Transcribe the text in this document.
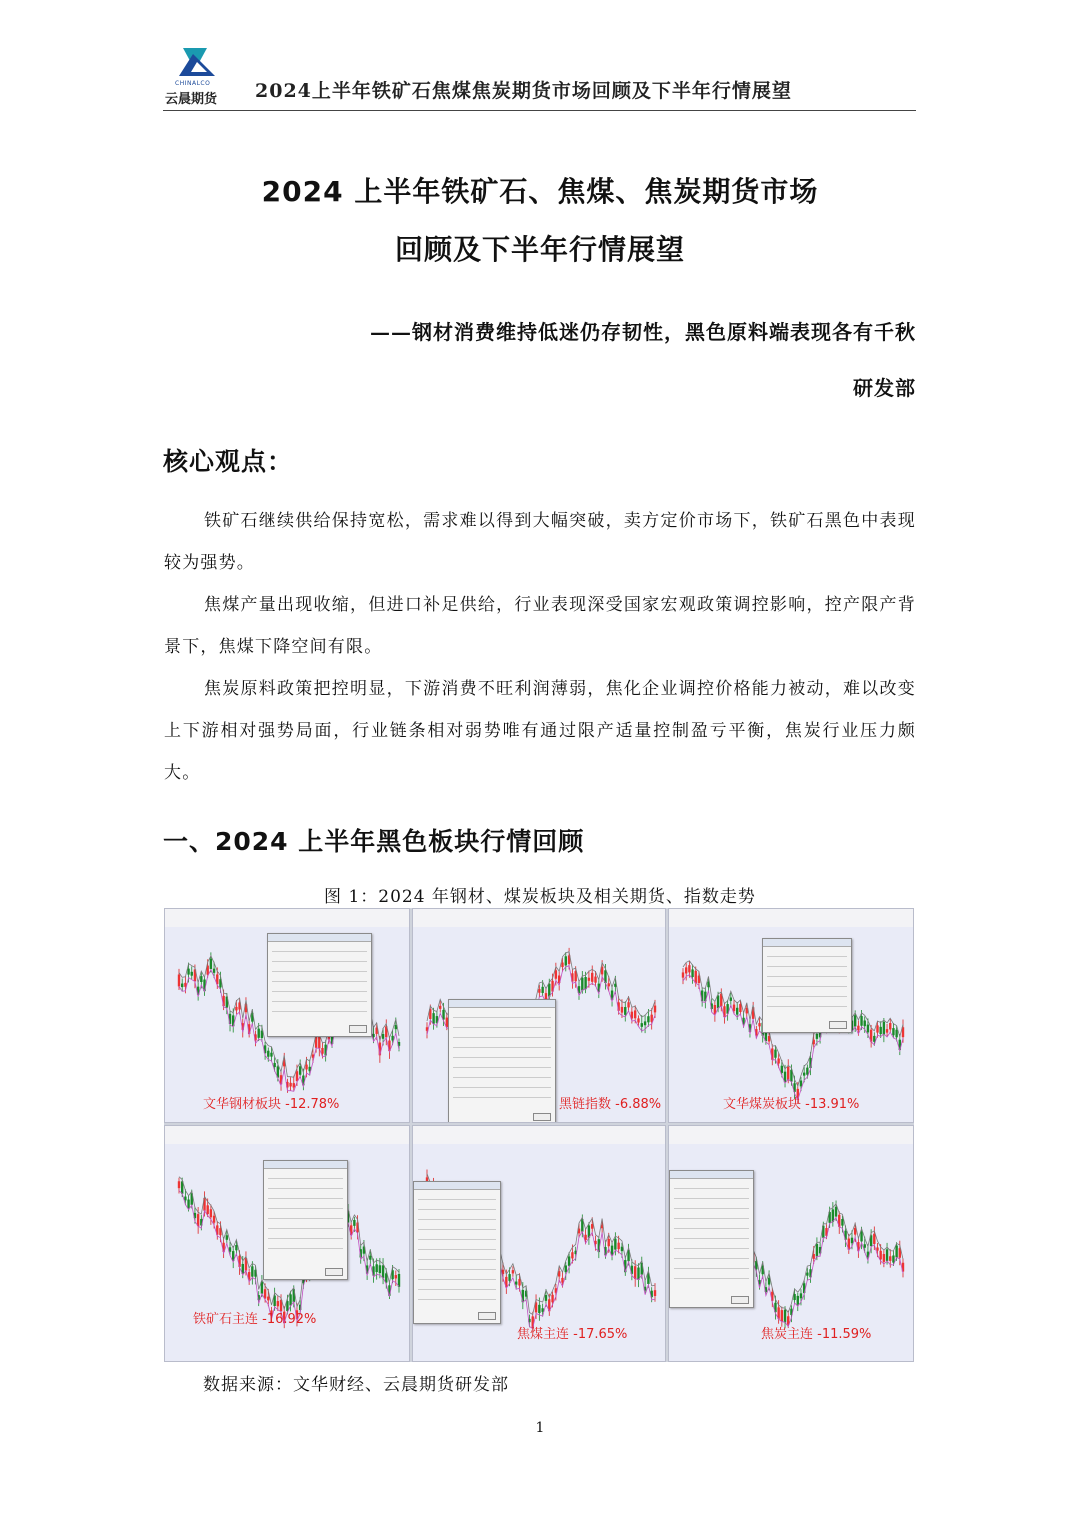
CHINALCO
云晨期货 2024上半年铁矿石焦煤焦炭期货市场回顾及下半年行情展望
2024 上半年铁矿石、焦煤、焦炭期货市场
回顾及下半年行情展望
——钢材消费维持低迷仍存韧性，黑色原料端表现各有千秋
研发部
核心观点：
铁矿石继续供给保持宽松，需求难以得到大幅突破，卖方定价市场下，铁矿石黑色中表现较为强势。
焦煤产量出现收缩，但进口补足供给，行业表现深受国家宏观政策调控影响，控产限产背景下，焦煤下降空间有限。
焦炭原料政策把控明显，下游消费不旺利润薄弱，焦化企业调控价格能力被动，难以改变上下游相对强势局面，行业链条相对弱势唯有通过限产适量控制盈亏平衡，焦炭行业压力颇大。
一、2024 上半年黑色板块行情回顾
图 1：2024 年钢材、煤炭板块及相关期货、指数走势
文华钢材板块 -12.78%	黑链指数 -6.88%	文华煤炭板块 -13.91%
铁矿石主连 -16.92%
焦煤主连 -17.65%	焦炭主连 -11.59%
数据来源：文华财经、云晨期货研发部
1
